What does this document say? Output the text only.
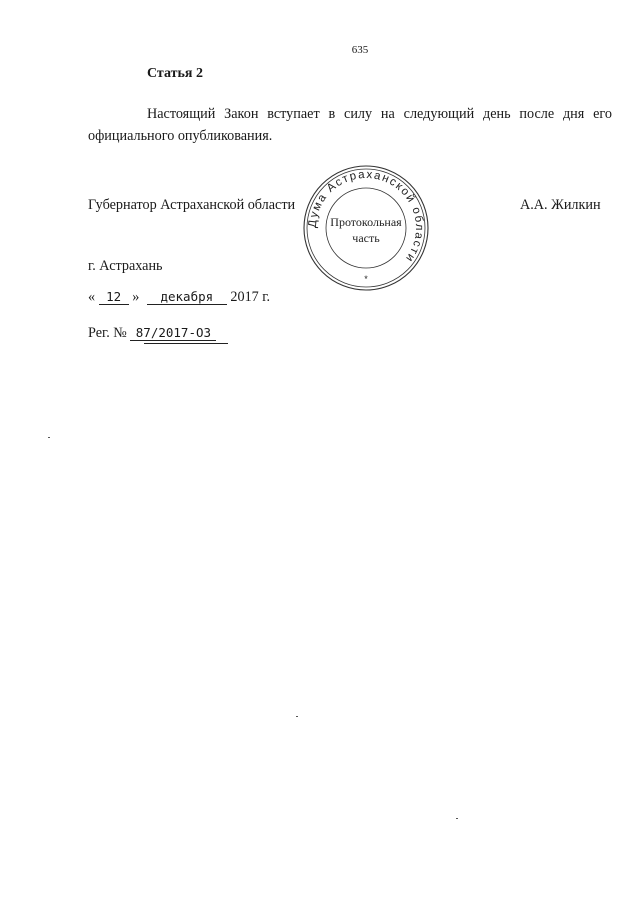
635
Статья 2
Настоящий Закон вступает в силу на следующий день после дня его официального опубликования.
Губернатор Астраханской области
Дума Астраханской области
Протокольная
часть
*
А.А. Жилкин
г. Астрахань
« 12 » декабря 2017 г.
Рег. № 87/2017-ОЗ
